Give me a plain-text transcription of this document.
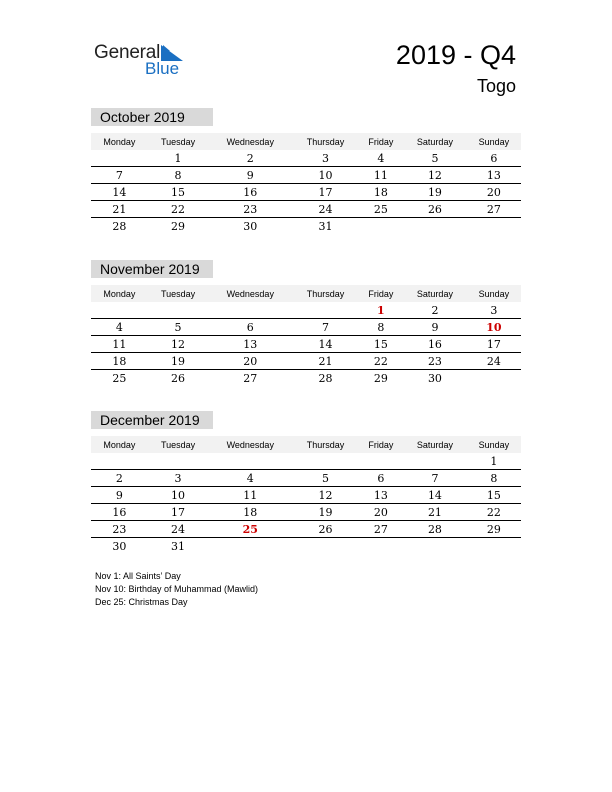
General
Blue	2019 - Q4
Togo
October 2019
Monday	Tuesday	Wednesday	Thursday	Friday	Saturday	Sunday
	1	2	3	4	5	6
7	8	9	10	11	12	13
14	15	16	17	18	19	20
21	22	23	24	25	26	27
28	29	30	31			
November 2019
Monday	Tuesday	Wednesday	Thursday	Friday	Saturday	Sunday
				1	2	3
4	5	6	7	8	9	10
11	12	13	14	15	16	17
18	19	20	21	22	23	24
25	26	27	28	29	30	
December 2019
Monday	Tuesday	Wednesday	Thursday	Friday	Saturday	Sunday
						1
2	3	4	5	6	7	8
9	10	11	12	13	14	15
16	17	18	19	20	21	22
23	24	25	26	27	28	29
30	31					
Nov 1: All Saints’ Day
Nov 10: Birthday of Muhammad (Mawlid)
Dec 25: Christmas Day
